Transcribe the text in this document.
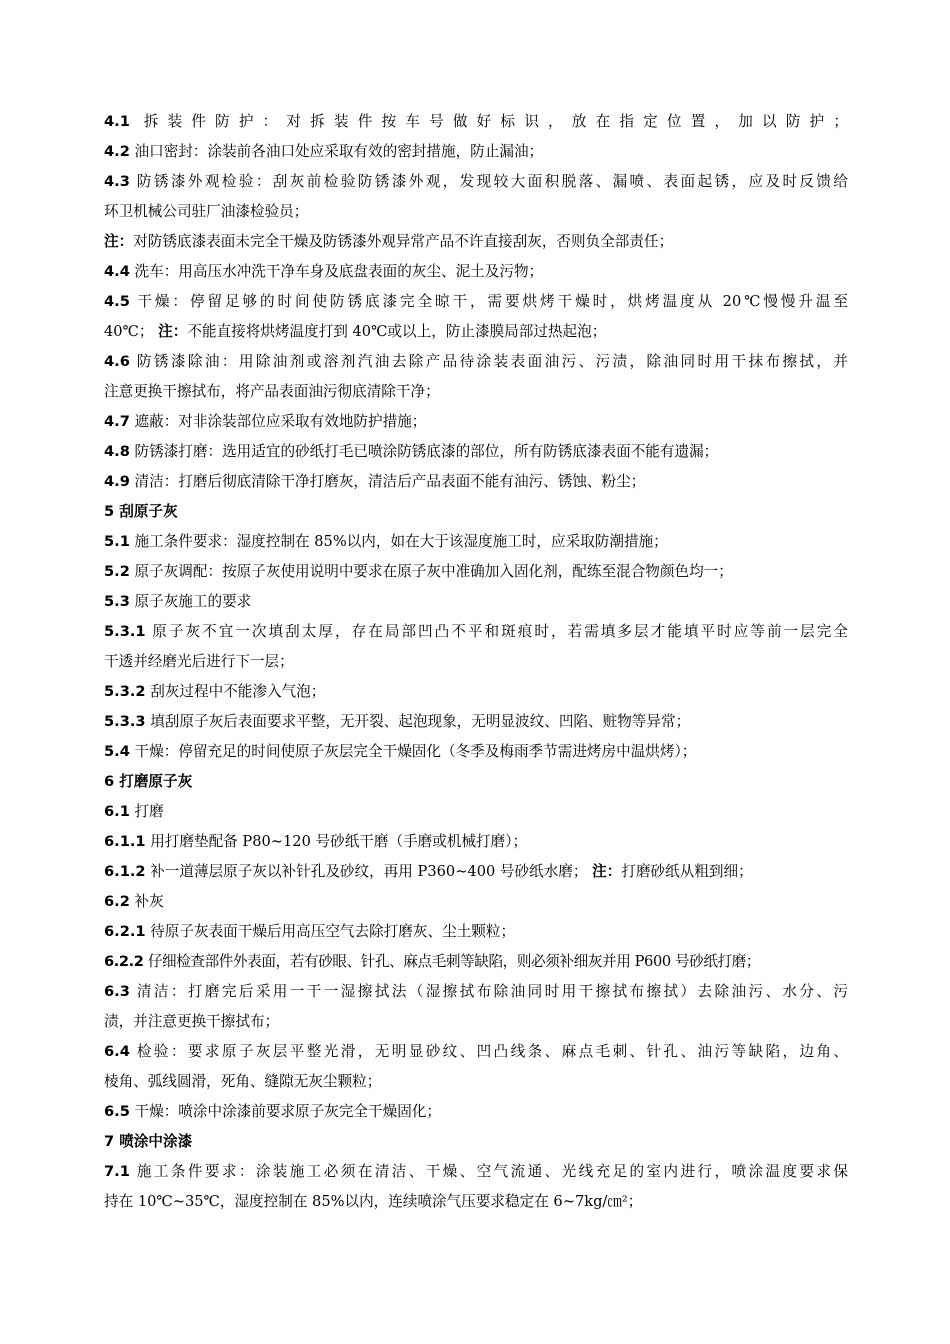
4.1 拆装件防护：对拆装件按车号做好标识，放在指定位置，加以防护；
4.2 油口密封：涂装前各油口处应采取有效的密封措施，防止漏油；
4.3 防锈漆外观检验：刮灰前检验防锈漆外观，发现较大面积脱落、漏喷、表面起锈，应及时反馈给
环卫机械公司驻厂油漆检验员；
注：对防锈底漆表面未完全干燥及防锈漆外观异常产品不许直接刮灰，否则负全部责任；
4.4 洗车：用高压水冲洗干净车身及底盘表面的灰尘、泥土及污物；
4.5 干燥：停留足够的时间使防锈底漆完全晾干，需要烘烤干燥时，烘烤温度从 20℃慢慢升温至
40℃； 注：不能直接将烘烤温度打到 40℃或以上，防止漆膜局部过热起泡；
4.6 防锈漆除油：用除油剂或溶剂汽油去除产品待涂装表面油污、污渍，除油同时用干抹布擦拭，并
注意更换干擦拭布，将产品表面油污彻底清除干净；
4.7 遮蔽：对非涂装部位应采取有效地防护措施；
4.8 防锈漆打磨：选用适宜的砂纸打毛已喷涂防锈底漆的部位，所有防锈底漆表面不能有遗漏；
4.9 清洁：打磨后彻底清除干净打磨灰，清洁后产品表面不能有油污、锈蚀、粉尘；
5 刮原子灰
5.1 施工条件要求：湿度控制在 85%以内，如在大于该湿度施工时，应采取防潮措施；
5.2 原子灰调配：按原子灰使用说明中要求在原子灰中准确加入固化剂，配练至混合物颜色均一；
5.3 原子灰施工的要求
5.3.1 原子灰不宜一次填刮太厚，存在局部凹凸不平和斑痕时，若需填多层才能填平时应等前一层完全
干透并经磨光后进行下一层；
5.3.2 刮灰过程中不能渗入气泡；
5.3.3 填刮原子灰后表面要求平整，无开裂、起泡现象，无明显波纹、凹陷、赃物等异常；
5.4 干燥：停留充足的时间使原子灰层完全干燥固化（冬季及梅雨季节需进烤房中温烘烤）；
6 打磨原子灰
6.1 打磨
6.1.1 用打磨垫配备 P80~120 号砂纸干磨（手磨或机械打磨）；
6.1.2 补一道薄层原子灰以补针孔及砂纹，再用 P360~400 号砂纸水磨； 注：打磨砂纸从粗到细；
6.2 补灰
6.2.1 待原子灰表面干燥后用高压空气去除打磨灰、尘土颗粒；
6.2.2 仔细检查部件外表面，若有砂眼、针孔、麻点毛刺等缺陷，则必须补细灰并用 P600 号砂纸打磨；
6.3 清洁：打磨完后采用一干一湿擦拭法（湿擦拭布除油同时用干擦拭布擦拭）去除油污、水分、污
渍，并注意更换干擦拭布；
6.4 检验：要求原子灰层平整光滑，无明显砂纹、凹凸线条、麻点毛刺、针孔、油污等缺陷，边角、
棱角、弧线圆滑，死角、缝隙无灰尘颗粒；
6.5 干燥：喷涂中涂漆前要求原子灰完全干燥固化；
7 喷涂中涂漆
7.1 施工条件要求：涂装施工必须在清洁、干燥、空气流通、光线充足的室内进行，喷涂温度要求保
持在 10℃~35℃，湿度控制在 85%以内，连续喷涂气压要求稳定在 6~7kg/㎝²；
